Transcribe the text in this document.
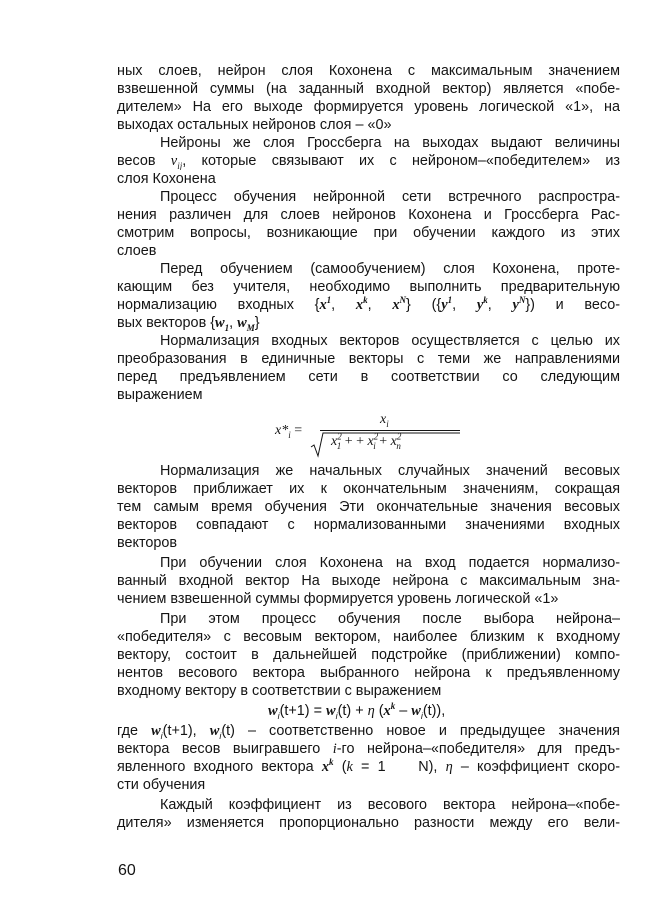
ных слоев, нейрон слоя Кохонена с максимальным значением
взвешенной суммы (на заданный входной вектор) является «побе-
дителем» На его выходе формируется уровень логической «1», на
выходах остальных нейронов слоя – «0»
Нейроны же слоя Гроссберга на выходах выдают величины
весов $v_{ij}$, которые связывают их с нейроном–«победителем» из
слоя Кохонена
Процесс обучения нейронной сети встречного распростра-
нения различен для слоев нейронов Кохонена и Гроссберга Рас-
смотрим вопросы, возникающие при обучении каждого из этих
слоев
Перед обучением (самообучением) слоя Кохонена, проте-
кающим без учителя, необходимо выполнить предварительную
нормализацию входных {$x^1$, $x^k$, $x^N$} ({$y^1$, $y^k$, $y^N$}) и весо-
вых векторов {$w_1$, $w_M$}
Нормализация входных векторов осуществляется с целью их
преобразования в единичные векторы с теми же направлениями
перед предъявлением сети в соответствии со следующим
выражением
$x*_i$ =
$x_i$
$x^2_1$ + + $x^2_i + x^2_n$
Нормализация же начальных случайных значений весовых
векторов приближает их к окончательным значениям, сокращая
тем самым время обучения Эти окончательные значения весовых
векторов совпадают с нормализованными значениями входных
векторов
При обучении слоя Кохонена на вход подается нормализо-
ванный входной вектор На выходе нейрона с максимальным зна-
чением взвешенной суммы формируется уровень логической «1»
При этом процесс обучения после выбора нейрона–
«победителя» с весовым вектором, наиболее близким к входному
вектору, состоит в дальнейшей подстройке (приближении) компо-
нентов весового вектора выбранного нейрона к предъявленному
входному вектору в соответствии с выражением
$w_i(t+1) = w_i(t) + \eta$ $(x^k - w_i(t))$,
где $w_i(t+1)$, $w_i(t)$ – соответственно новое и предыдущее значения
вектора весов выигравшего i-го нейрона–«победителя» для предъ-
явленного входного вектора $x^k$ (k = 1    N), η – коэффициент скоро-
сти обучения
Каждый коэффициент из весового вектора нейрона–«побе-
дителя» изменяется пропорционально разности между его вели-
60
